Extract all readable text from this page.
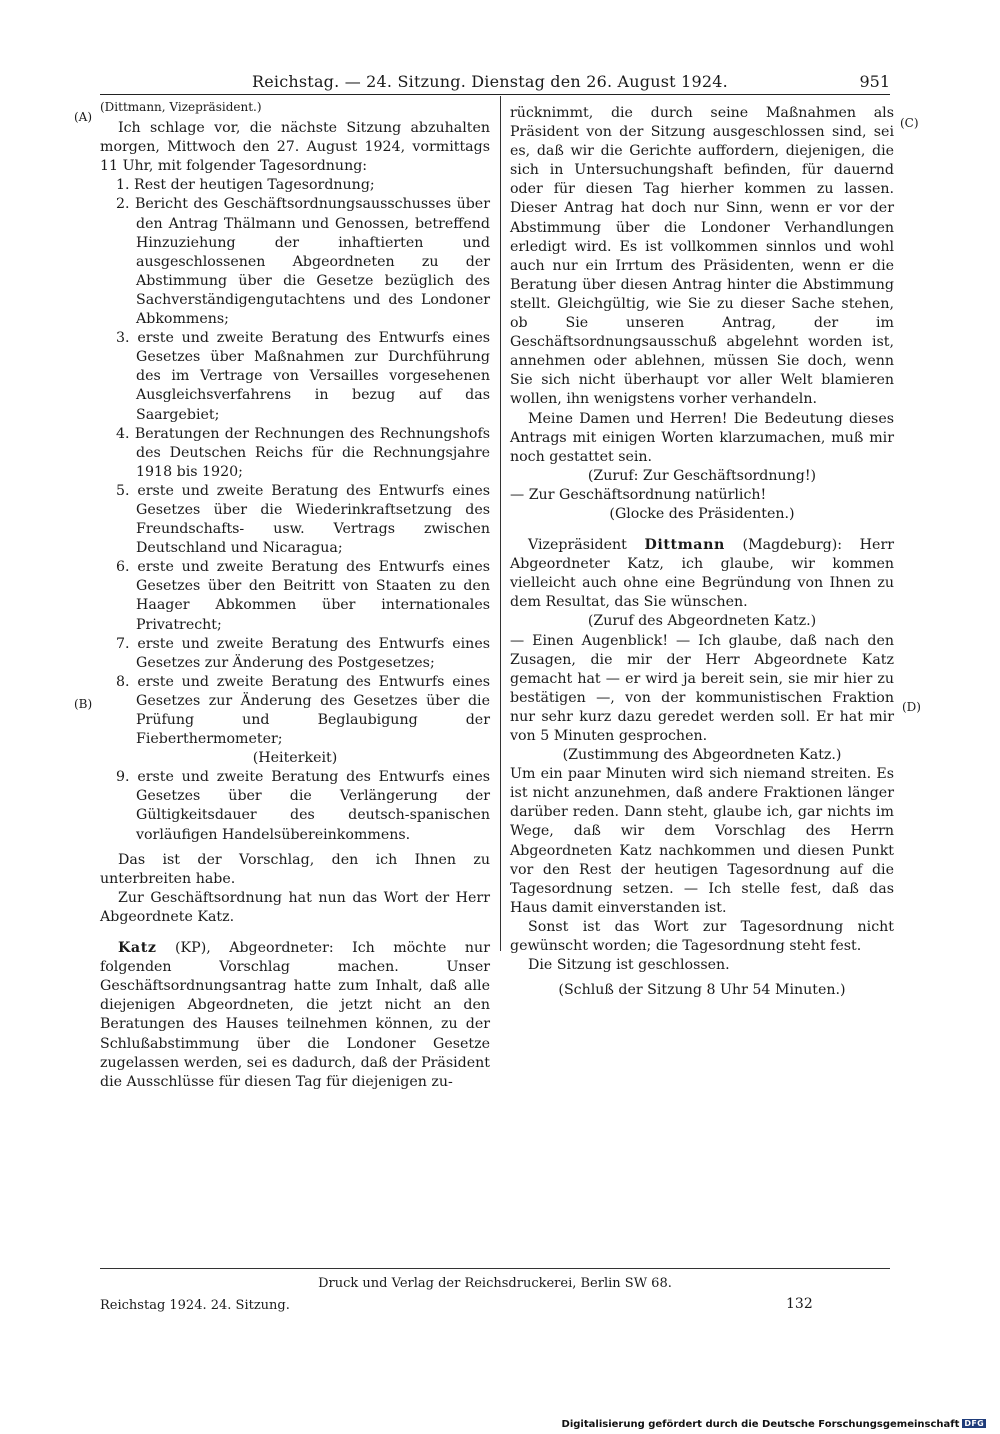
Reichstag. — 24. Sitzung. Dienstag den 26. August 1924.	951
(A)
(B)
(C)
(D)

(Dittmann, Vizepräsident.)

Ich schlage vor, die nächste Sitzung abzuhalten morgen, Mittwoch den 27. August 1924, vormittags 11 Uhr, mit folgender Tagesordnung:

1. Rest der heutigen Tagesordnung;

2. Bericht des Geschäftsordnungsausschusses über den Antrag Thälmann und Genossen, betreffend Hinzuziehung der inhaftierten und ausgeschlossenen Abgeordneten zu der Abstimmung über die Gesetze bezüglich des Sachverständigengutachtens und des Londoner Abkommens;

3. erste und zweite Beratung des Entwurfs eines Gesetzes über Maßnahmen zur Durchführung des im Vertrage von Versailles vorgesehenen Ausgleichsverfahrens in bezug auf das Saargebiet;

4. Beratungen der Rechnungen des Rechnungshofs des Deutschen Reichs für die Rechnungsjahre 1918 bis 1920;

5. erste und zweite Beratung des Entwurfs eines Gesetzes über die Wiederinkraftsetzung des Freundschafts- usw. Vertrags zwischen Deutschland und Nicaragua;

6. erste und zweite Beratung des Entwurfs eines Gesetzes über den Beitritt von Staaten zu den Haager Abkommen über internationales Privatrecht;

7. erste und zweite Beratung des Entwurfs eines Gesetzes zur Änderung des Postgesetzes;

8. erste und zweite Beratung des Entwurfs eines Gesetzes zur Änderung des Gesetzes über die Prüfung und Beglaubigung der Fieberthermometer;

(Heiterkeit)

9. erste und zweite Beratung des Entwurfs eines Gesetzes über die Verlängerung der Gültigkeitsdauer des deutsch-spanischen vorläufigen Handelsübereinkommens.

Das ist der Vorschlag, den ich Ihnen zu unterbreiten habe.

Zur Geschäftsordnung hat nun das Wort der Herr Abgeordnete Katz.

Katz (KP), Abgeordneter: Ich möchte nur folgenden Vorschlag machen. Unser Geschäftsordnungsantrag hatte zum Inhalt, daß alle diejenigen Abgeordneten, die jetzt nicht an den Beratungen des Hauses teilnehmen können, zu der Schlußabstimmung über die Londoner Gesetze zugelassen werden, sei es dadurch, daß der Präsident die Ausschlüsse für diesen Tag für diejenigen zu-

rücknimmt, die durch seine Maßnahmen als Präsident von der Sitzung ausgeschlossen sind, sei es, daß wir die Gerichte auffordern, diejenigen, die sich in Untersuchungshaft befinden, für dauernd oder für diesen Tag hierher kommen zu lassen. Dieser Antrag hat doch nur Sinn, wenn er vor der Abstimmung über die Londoner Verhandlungen erledigt wird. Es ist vollkommen sinnlos und wohl auch nur ein Irrtum des Präsidenten, wenn er die Beratung über diesen Antrag hinter die Abstimmung stellt. Gleichgültig, wie Sie zu dieser Sache stehen, ob Sie unseren Antrag, der im Geschäftsordnungsausschuß abgelehnt worden ist, annehmen oder ablehnen, müssen Sie doch, wenn Sie sich nicht überhaupt vor aller Welt blamieren wollen, ihn wenigstens vorher verhandeln.

Meine Damen und Herren! Die Bedeutung dieses Antrags mit einigen Worten klarzumachen, muß mir noch gestattet sein.

(Zuruf: Zur Geschäftsordnung!)

— Zur Geschäftsordnung natürlich!

(Glocke des Präsidenten.)

Vizepräsident Dittmann (Magdeburg): Herr Abgeordneter Katz, ich glaube, wir kommen vielleicht auch ohne eine Begründung von Ihnen zu dem Resultat, das Sie wünschen.

(Zuruf des Abgeordneten Katz.)

— Einen Augenblick! — Ich glaube, daß nach den Zusagen, die mir der Herr Abgeordnete Katz gemacht hat — er wird ja bereit sein, sie mir hier zu bestätigen —, von der kommunistischen Fraktion nur sehr kurz dazu geredet werden soll. Er hat mir von 5 Minuten gesprochen.

(Zustimmung des Abgeordneten Katz.)

Um ein paar Minuten wird sich niemand streiten. Es ist nicht anzunehmen, daß andere Fraktionen länger darüber reden. Dann steht, glaube ich, gar nichts im Wege, daß wir dem Vorschlag des Herrn Abgeordneten Katz nachkommen und diesen Punkt vor den Rest der heutigen Tagesordnung auf die Tagesordnung setzen. — Ich stelle fest, daß das Haus damit einverstanden ist.

Sonst ist das Wort zur Tagesordnung nicht gewünscht worden; die Tagesordnung steht fest.

Die Sitzung ist geschlossen.

(Schluß der Sitzung 8 Uhr 54 Minuten.)

Druck und Verlag der Reichsdruckerei, Berlin SW 68.
Reichstag 1924. 24. Sitzung.	132
Digitalisierung gefördert durch die Deutsche Forschungsgemeinschaft DFG
